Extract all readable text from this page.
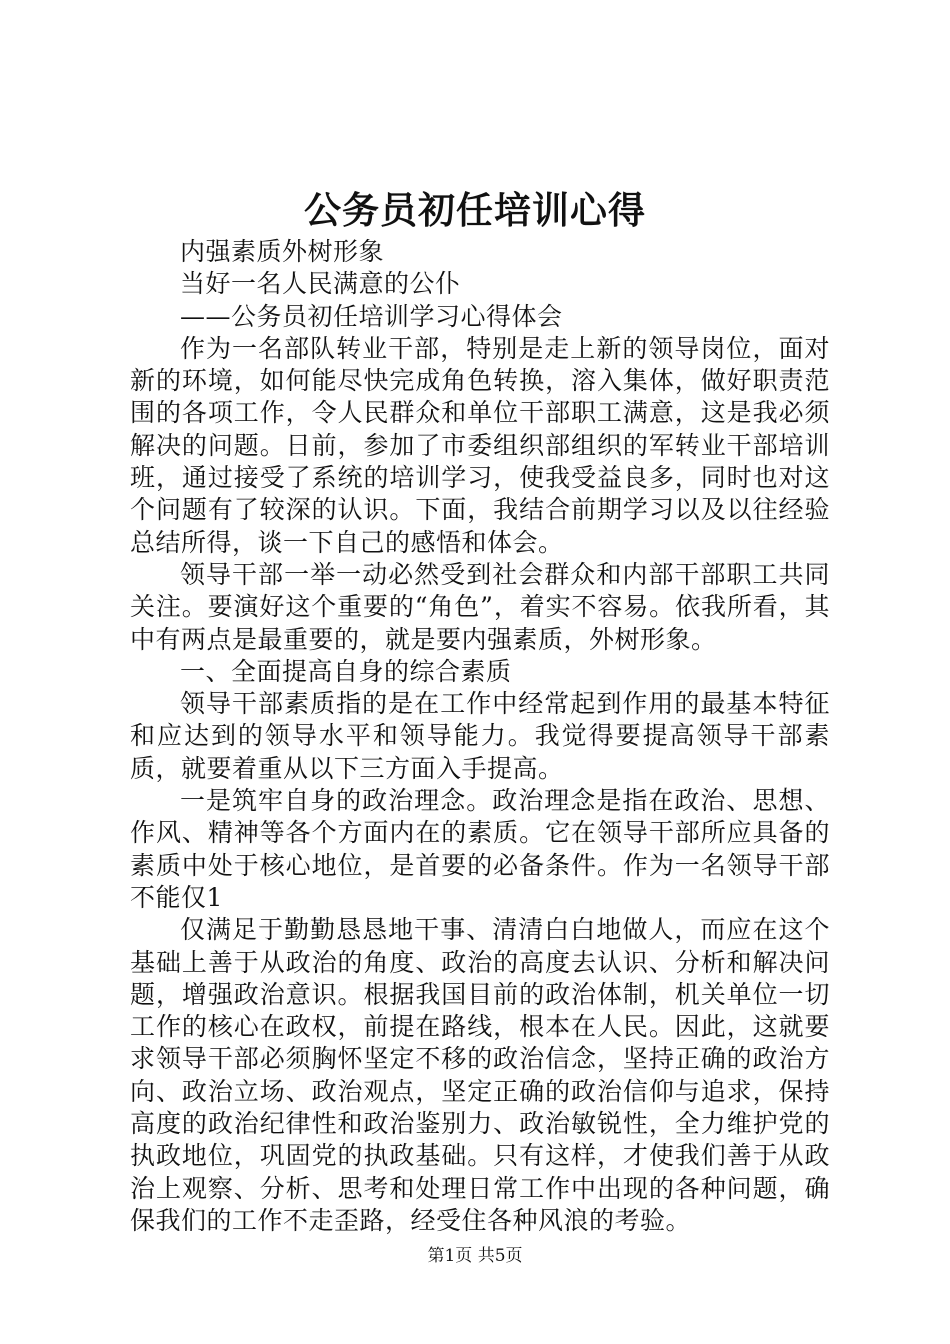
公务员初任培训心得

内强素质外树形象

当好一名人民满意的公仆

——公务员初任培训学习心得体会

作为一名部队转业干部，特别是走上新的领导岗位，面对新的环境，如何能尽快完成角色转换，溶入集体，做好职责范围的各项工作，令人民群众和单位干部职工满意，这是我必须解决的问题。日前，参加了市委组织部组织的军转业干部培训班，通过接受了系统的培训学习，使我受益良多，同时也对这个问题有了较深的认识。下面，我结合前期学习以及以往经验总结所得，谈一下自己的感悟和体会。

领导干部一举一动必然受到社会群众和内部干部职工共同关注。要演好这个重要的“角色”，着实不容易。依我所看，其中有两点是最重要的，就是要内强素质，外树形象。

一、全面提高自身的综合素质

领导干部素质指的是在工作中经常起到作用的最基本特征和应达到的领导水平和领导能力。我觉得要提高领导干部素质，就要着重从以下三方面入手提高。

一是筑牢自身的政治理念。政治理念是指在政治、思想、作风、精神等各个方面内在的素质。它在领导干部所应具备的素质中处于核心地位，是首要的必备条件。作为一名领导干部不能仅1

仅满足于勤勤恳恳地干事、清清白白地做人，而应在这个基础上善于从政治的角度、政治的高度去认识、分析和解决问题，增强政治意识。根据我国目前的政治体制，机关单位一切工作的核心在政权，前提在路线，根本在人民。因此，这就要求领导干部必须胸怀坚定不移的政治信念，坚持正确的政治方向、政治立场、政治观点，坚定正确的政治信仰与追求，保持高度的政治纪律性和政治鉴别力、政治敏锐性，全力维护党的执政地位，巩固党的执政基础。只有这样，才使我们善于从政治上观察、分析、思考和处理日常工作中出现的各种问题，确保我们的工作不走歪路，经受住各种风浪的考验。

第1页 共5页
